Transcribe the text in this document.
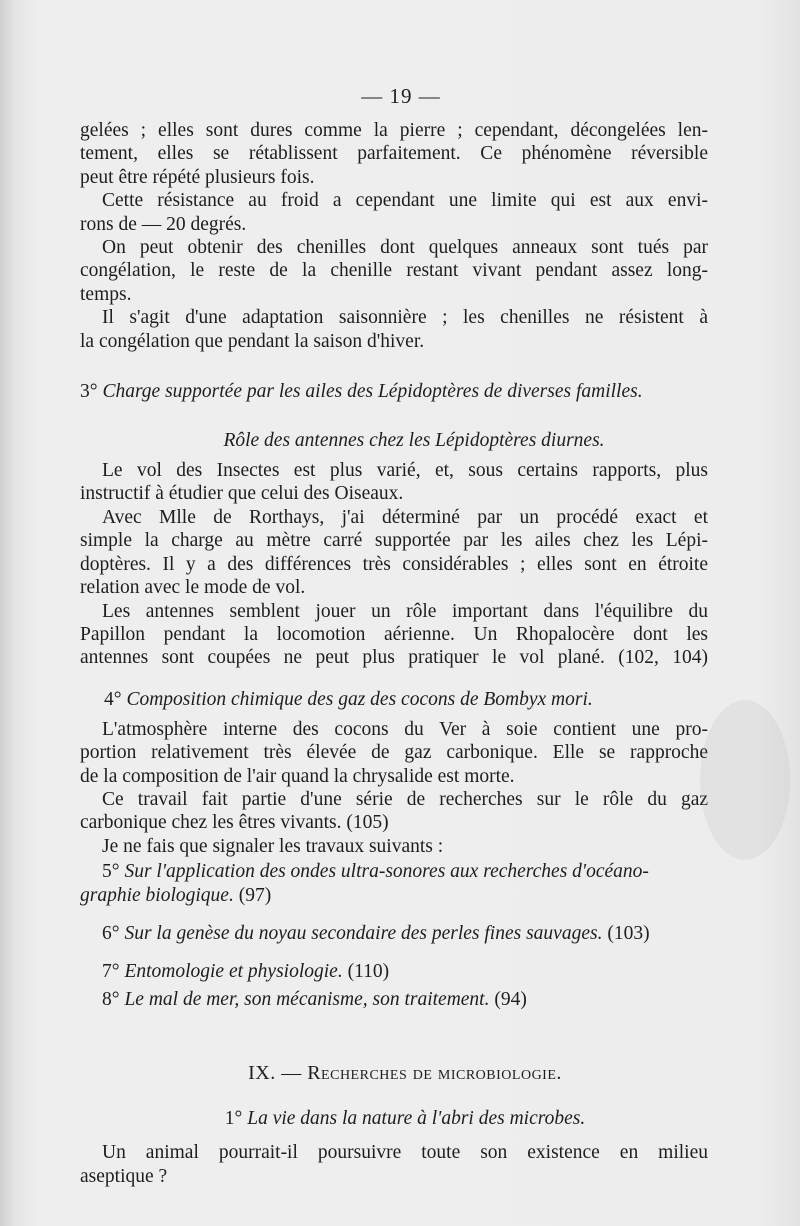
— 19 —
gelées ; elles sont dures comme la pierre ; cependant, décongelées len-
tement, elles se rétablissent parfaitement. Ce phénomène réversible
peut être répété plusieurs fois.
Cette résistance au froid a cependant une limite qui est aux envi-
rons de — 20 degrés.
On peut obtenir des chenilles dont quelques anneaux sont tués par
congélation, le reste de la chenille restant vivant pendant assez long-
temps.
Il s'agit d'une adaptation saisonnière ; les chenilles ne résistent à
la congélation que pendant la saison d'hiver.
3° Charge supportée par les ailes des Lépidoptères de diverses familles.
Rôle des antennes chez les Lépidoptères diurnes.
Le vol des Insectes est plus varié, et, sous certains rapports, plus
instructif à étudier que celui des Oiseaux.
Avec Mlle de Rorthays, j'ai déterminé par un procédé exact et
simple la charge au mètre carré supportée par les ailes chez les Lépi-
doptères. Il y a des différences très considérables ; elles sont en étroite
relation avec le mode de vol.
Les antennes semblent jouer un rôle important dans l'équilibre du
Papillon pendant la locomotion aérienne. Un Rhopalocère dont les
antennes sont coupées ne peut plus pratiquer le vol plané. (102, 104)
4° Composition chimique des gaz des cocons de Bombyx mori.
L'atmosphère interne des cocons du Ver à soie contient une pro-
portion relativement très élevée de gaz carbonique. Elle se rapproche
de la composition de l'air quand la chrysalide est morte.
Ce travail fait partie d'une série de recherches sur le rôle du gaz
carbonique chez les êtres vivants. (105)
Je ne fais que signaler les travaux suivants :
5° Sur l'application des ondes ultra-sonores aux recherches d'océano-
graphie biologique. (97)
6° Sur la genèse du noyau secondaire des perles fines sauvages. (103)
7° Entomologie et physiologie. (110)
8° Le mal de mer, son mécanisme, son traitement. (94)
IX. — Recherches de microbiologie.
1° La vie dans la nature à l'abri des microbes.
Un animal pourrait-il poursuivre toute son existence en milieu
aseptique ?
